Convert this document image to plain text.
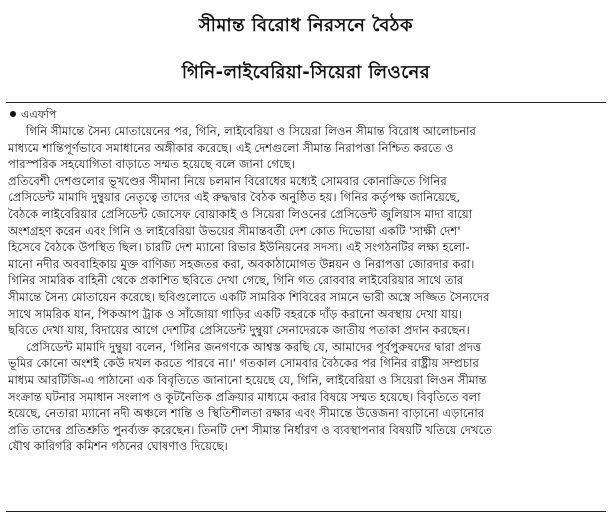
সীমান্ত বিরোধ নিরসনে বৈঠক
গিনি-লাইবেরিয়া-সিয়েরা লিওনের
এএফপি
গিনি সীমান্তে সৈন্য মোতায়েনের পর, গিনি, লাইবেরিয়া ও সিয়েরা লিওন সীমান্ত বিরোধ আলোচনার
মাধ্যমে শান্তিপূর্ণভাবে সমাধানের অঙ্গীকার করেছে। এই দেশগুলো সীমান্ত নিরাপত্তা নিশ্চিত করতে ও
পারস্পরিক সহযোগিতা বাড়াতে সম্মত হয়েছে বলে জানা গেছে।
প্রতিবেশী দেশগুলোর ভূখণ্ডের সীমানা নিয়ে চলমান বিরোধের মধ্যেই সোমবার কোনাক্রিতে গিনির
প্রেসিডেন্ট মামাদি দুম্বুয়ার নেতৃত্বে তাদের এই রুদ্ধদ্বার বৈঠক অনুষ্ঠিত হয়। গিনির কর্তৃপক্ষ জানিয়েছে,
বৈঠকে লাইবেরিয়ার প্রেসিডেন্ট জোসেফ বোয়াকাই ও সিয়েরা লিওনের প্রেসিডেন্ট জুলিয়াস মাদা বায়ো
অংশগ্রহণ করেন এবং গিনি ও লাইবেরিয়া উভয়ের সীমান্তবর্তী দেশ কোত দিভোয়া একটি 'সাক্ষী দেশ'
হিসেবে বৈঠকে উপস্থিত ছিল। চারটি দেশ ম্যানো রিভার ইউনিয়নের সদস্য। এই সংগঠনটির লক্ষ্য হলো-
মানো নদীর অববাহিকায় মুক্ত বাণিজ্য সহজতর করা, অবকাঠামোগত উন্নয়ন ও নিরাপত্তা জোরদার করা।
গিনির সামরিক বাহিনী থেকে প্রকাশিত ছবিতে দেখা গেছে, গিনি গত রোববার লাইবেরিয়ার সাথে তার
সীমান্তে সৈন্য মোতায়েন করেছে। ছবিগুলোতে একটি সামরিক শিবিরের সামনে ভারী অস্ত্রে সজ্জিত সৈন্যদের
সাথে সামরিক যান, পিকআপ ট্রাক ও সাঁজোয়া গাড়ির একটি বহরকে দাঁড় করানো অবস্থায় দেখা যায়।
ছবিতে দেখা যায়, বিদায়ের আগে দেশটির প্রেসিডেন্ট দুম্বুয়া সেনাদেরকে জাতীয় পতাকা প্রদান করছেন।
প্রেসিডেন্ট মামাদি দুম্বুয়া বলেন, 'গিনির জনগণকে আশ্বস্ত করছি যে, আমাদের পূর্বপুরুষদের দ্বারা প্রদত্ত
ভূমির কোনো অংশই কেউ দখল করতে পারবে না।' গতকাল সোমবার বৈঠকের পর গিনির রাষ্ট্রীয় সম্প্রচার
মাধ্যম আরটিজি-এ পাঠানো এক বিবৃতিতে জানানো হয়েছে যে, গিনি, লাইবেরিয়া ও সিয়েরা লিওন সীমান্ত
সংক্রান্ত ঘটনার সমাধান সংলাপ ও কূটনৈতিক প্রক্রিয়ার মাধ্যমে করার বিষয়ে সম্মত হয়েছে। বিবৃতিতে বলা
হয়েছে, নেতারা ম্যানো নদী অঞ্চলে শান্তি ও স্থিতিশীলতা রক্ষার এবং সীমান্তে উত্তেজনা বাড়ানো এড়ানোর
প্রতি তাদের প্রতিশ্রুতি পুনর্ব্যক্ত করেছেন। তিনটি দেশ সীমান্ত নির্ধারণ ও ব্যবস্থাপনার বিষয়টি খতিয়ে দেখতে
যৌথ কারিগরি কমিশন গঠনের ঘোষণাও দিয়েছে।
